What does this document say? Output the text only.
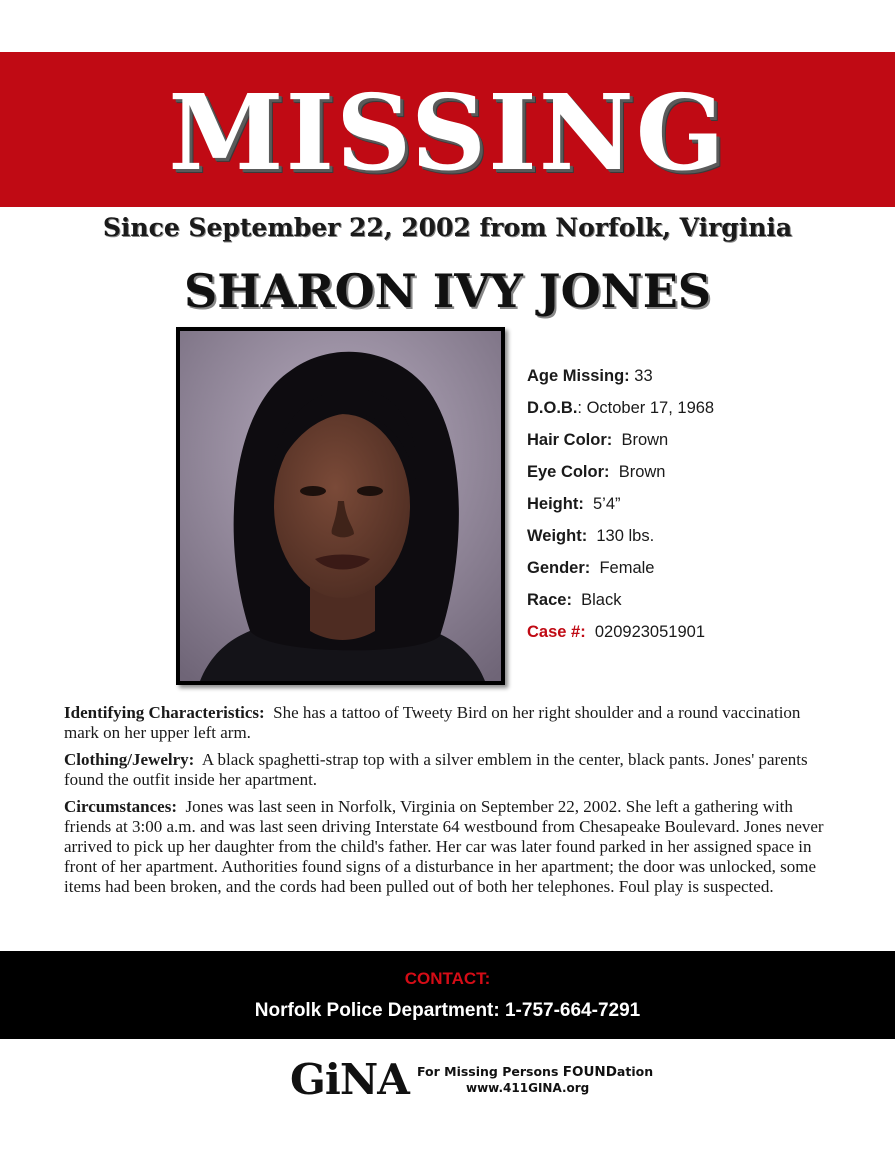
MISSING
Since September 22, 2002 from Norfolk, Virginia
SHARON IVY JONES
Age Missing: 33
D.O.B.: October 17, 1968
Hair Color: Brown
Eye Color: Brown
Height: 5’4”
Weight: 130 lbs.
Gender: Female
Race: Black
Case #: 020923051901

Identifying Characteristics: She has a tattoo of Tweety Bird on her right shoulder and a round vaccination mark on her upper left arm.

Clothing/Jewelry: A black spaghetti-strap top with a silver emblem in the center, black pants. Jones' parents found the outfit inside her apartment.

Circumstances: Jones was last seen in Norfolk, Virginia on September 22, 2002. She left a gathering with friends at 3:00 a.m. and was last seen driving Interstate 64 westbound from Chesapeake Boulevard. Jones never arrived to pick up her daughter from the child's father. Her car was later found parked in her assigned space in front of her apartment. Authorities found signs of a disturbance in her apartment; the door was unlocked, some items had been broken, and the cords had been pulled out of both her telephones. Foul play is suspected.

CONTACT:
Norfolk Police Department: 1-757-664-7291
GiNA For Missing Persons FOUNDation
www.411GINA.org
